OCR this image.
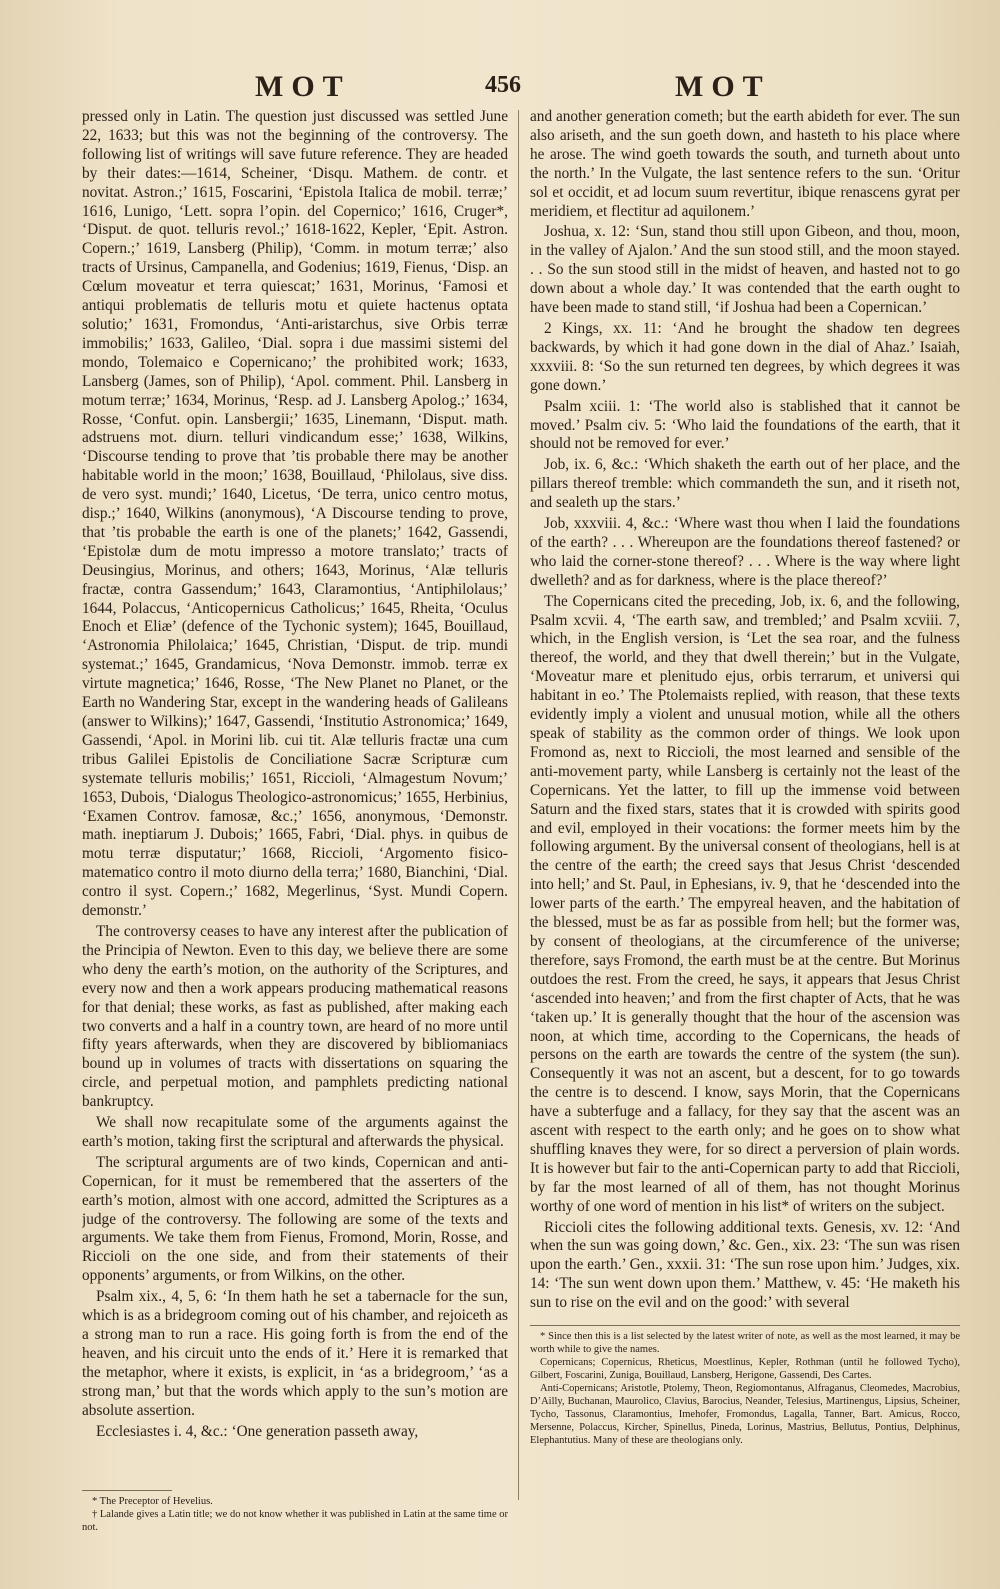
MOT	456	MOT

pressed only in Latin. The question just discussed was settled June 22, 1633; but this was not the beginning of the controversy. The following list of writings will save future reference. They are headed by their dates:—1614, Scheiner, ‘Disqu. Mathem. de contr. et novitat. Astron.;’ 1615, Foscarini, ‘Epistola Italica de mobil. terræ;’ 1616, Lunigo, ‘Lett. sopra l’opin. del Copernico;’ 1616, Cruger*, ‘Disput. de quot. telluris revol.;’ 1618-1622, Kepler, ‘Epit. Astron. Copern.;’ 1619, Lansberg (Philip), ‘Comm. in motum terræ;’ also tracts of Ursinus, Campanella, and Godenius; 1619, Fienus, ‘Disp. an Cœlum moveatur et terra quiescat;’ 1631, Morinus, ‘Famosi et antiqui problematis de telluris motu et quiete hactenus optata solutio;’ 1631, Fromondus, ‘Anti-aristarchus, sive Orbis terræ immobilis;’ 1633, Galileo, ‘Dial. sopra i due massimi sistemi del mondo, Tolemaico e Copernicano;’ the prohibited work; 1633, Lansberg (James, son of Philip), ‘Apol. comment. Phil. Lansberg in motum terræ;’ 1634, Morinus, ‘Resp. ad J. Lansberg Apolog.;’ 1634, Rosse, ‘Confut. opin. Lansbergii;’ 1635, Linemann, ‘Disput. math. adstruens mot. diurn. telluri vindicandum esse;’ 1638, Wilkins, ‘Discourse tending to prove that ’tis probable there may be another habitable world in the moon;’ 1638, Bouillaud, ‘Philolaus, sive diss. de vero syst. mundi;’ 1640, Licetus, ‘De terra, unico centro motus, disp.;’ 1640, Wilkins (anonymous), ‘A Discourse tending to prove, that ’tis probable the earth is one of the planets;’ 1642, Gassendi, ‘Epistolæ dum de motu impresso a motore translato;’ tracts of Deusingius, Morinus, and others; 1643, Morinus, ‘Alæ telluris fractæ, contra Gassendum;’ 1643, Claramontius, ‘Antiphilolaus;’ 1644, Polaccus, ‘Anticopernicus Catholicus;’ 1645, Rheita, ‘Oculus Enoch et Eliæ’ (defence of the Tychonic system); 1645, Bouillaud, ‘Astronomia Philolaica;’ 1645, Christian, ‘Disput. de trip. mundi systemat.;’ 1645, Grandamicus, ‘Nova Demonstr. immob. terræ ex virtute magnetica;’ 1646, Rosse, ‘The New Planet no Planet, or the Earth no Wandering Star, except in the wandering heads of Galileans (answer to Wilkins);’ 1647, Gassendi, ‘Institutio Astronomica;’ 1649, Gassendi, ‘Apol. in Morini lib. cui tit. Alæ telluris fractæ una cum tribus Galilei Epistolis de Conciliatione Sacræ Scripturæ cum systemate telluris mobilis;’ 1651, Riccioli, ‘Almagestum Novum;’ 1653, Dubois, ‘Dialogus Theologico-astronomicus;’ 1655, Herbinius, ‘Examen Controv. famosæ, &c.;’ 1656, anonymous, ‘Demonstr. math. ineptiarum J. Dubois;’ 1665, Fabri, ‘Dial. phys. in quibus de motu terræ disputatur;’ 1668, Riccioli, ‘Argomento fisico-matematico contro il moto diurno della terra;’ 1680, Bianchini, ‘Dial. contro il syst. Copern.;’ 1682, Megerlinus, ‘Syst. Mundi Copern. demonstr.’

The controversy ceases to have any interest after the publication of the Principia of Newton. Even to this day, we believe there are some who deny the earth’s motion, on the authority of the Scriptures, and every now and then a work appears producing mathematical reasons for that denial; these works, as fast as published, after making each two converts and a half in a country town, are heard of no more until fifty years afterwards, when they are discovered by bibliomaniacs bound up in volumes of tracts with dissertations on squaring the circle, and perpetual motion, and pamphlets predicting national bankruptcy.

We shall now recapitulate some of the arguments against the earth’s motion, taking first the scriptural and afterwards the physical.

The scriptural arguments are of two kinds, Copernican and anti-Copernican, for it must be remembered that the asserters of the earth’s motion, almost with one accord, admitted the Scriptures as a judge of the controversy. The following are some of the texts and arguments. We take them from Fienus, Fromond, Morin, Rosse, and Riccioli on the one side, and from their statements of their opponents’ arguments, or from Wilkins, on the other.

Psalm xix., 4, 5, 6: ‘In them hath he set a tabernacle for the sun, which is as a bridegroom coming out of his chamber, and rejoiceth as a strong man to run a race. His going forth is from the end of the heaven, and his circuit unto the ends of it.’ Here it is remarked that the metaphor, where it exists, is explicit, in ‘as a bridegroom,’ ‘as a strong man,’ but that the words which apply to the sun’s motion are absolute assertion.

Ecclesiastes i. 4, &c.: ‘One generation passeth away,

and another generation cometh; but the earth abideth for ever. The sun also ariseth, and the sun goeth down, and hasteth to his place where he arose. The wind goeth towards the south, and turneth about unto the north.’ In the Vulgate, the last sentence refers to the sun. ‘Oritur sol et occidit, et ad locum suum revertitur, ibique renascens gyrat per meridiem, et flectitur ad aquilonem.’

Joshua, x. 12: ‘Sun, stand thou still upon Gibeon, and thou, moon, in the valley of Ajalon.’ And the sun stood still, and the moon stayed. . . So the sun stood still in the midst of heaven, and hasted not to go down about a whole day.’ It was contended that the earth ought to have been made to stand still, ‘if Joshua had been a Copernican.’

2 Kings, xx. 11: ‘And he brought the shadow ten degrees backwards, by which it had gone down in the dial of Ahaz.’ Isaiah, xxxviii. 8: ‘So the sun returned ten degrees, by which degrees it was gone down.’

Psalm xciii. 1: ‘The world also is stablished that it cannot be moved.’ Psalm civ. 5: ‘Who laid the foundations of the earth, that it should not be removed for ever.’

Job, ix. 6, &c.: ‘Which shaketh the earth out of her place, and the pillars thereof tremble: which commandeth the sun, and it riseth not, and sealeth up the stars.’

Job, xxxviii. 4, &c.: ‘Where wast thou when I laid the foundations of the earth? . . . Whereupon are the foundations thereof fastened? or who laid the corner-stone thereof? . . . Where is the way where light dwelleth? and as for darkness, where is the place thereof?’

The Copernicans cited the preceding, Job, ix. 6, and the following, Psalm xcvii. 4, ‘The earth saw, and trembled;’ and Psalm xcviii. 7, which, in the English version, is ‘Let the sea roar, and the fulness thereof, the world, and they that dwell therein;’ but in the Vulgate, ‘Moveatur mare et plenitudo ejus, orbis terrarum, et universi qui habitant in eo.’ The Ptolemaists replied, with reason, that these texts evidently imply a violent and unusual motion, while all the others speak of stability as the common order of things. We look upon Fromond as, next to Riccioli, the most learned and sensible of the anti-movement party, while Lansberg is certainly not the least of the Copernicans. Yet the latter, to fill up the immense void between Saturn and the fixed stars, states that it is crowded with spirits good and evil, employed in their vocations: the former meets him by the following argument. By the universal consent of theologians, hell is at the centre of the earth; the creed says that Jesus Christ ‘descended into hell;’ and St. Paul, in Ephesians, iv. 9, that he ‘descended into the lower parts of the earth.’ The empyreal heaven, and the habitation of the blessed, must be as far as possible from hell; but the former was, by consent of theologians, at the circumference of the universe; therefore, says Fromond, the earth must be at the centre. But Morinus outdoes the rest. From the creed, he says, it appears that Jesus Christ ‘ascended into heaven;’ and from the first chapter of Acts, that he was ‘taken up.’ It is generally thought that the hour of the ascension was noon, at which time, according to the Copernicans, the heads of persons on the earth are towards the centre of the system (the sun). Consequently it was not an ascent, but a descent, for to go towards the centre is to descend. I know, says Morin, that the Copernicans have a subterfuge and a fallacy, for they say that the ascent was an ascent with respect to the earth only; and he goes on to show what shuffling knaves they were, for so direct a perversion of plain words. It is however but fair to the anti-Copernican party to add that Riccioli, by far the most learned of all of them, has not thought Morinus worthy of one word of mention in his list* of writers on the subject.

Riccioli cites the following additional texts. Genesis, xv. 12: ‘And when the sun was going down,’ &c. Gen., xix. 23: ‘The sun was risen upon the earth.’ Gen., xxxii. 31: ‘The sun rose upon him.’ Judges, xix. 14: ‘The sun went down upon them.’ Matthew, v. 45: ‘He maketh his sun to rise on the evil and on the good:’ with several

* The Preceptor of Hevelius.

† Lalande gives a Latin title; we do not know whether it was published in Latin at the same time or not.

* Since then this is a list selected by the latest writer of note, as well as the most learned, it may be worth while to give the names.

Copernicans; Copernicus, Rheticus, Moestlinus, Kepler, Rothman (until he followed Tycho), Gilbert, Foscarini, Zuniga, Bouillaud, Lansberg, Herigone, Gassendi, Des Cartes.

Anti-Copernicans; Aristotle, Ptolemy, Theon, Regiomontanus, Alfraganus, Cleomedes, Macrobius, D’Ailly, Buchanan, Maurolico, Clavius, Barocius, Neander, Telesius, Martinengus, Lipsius, Scheiner, Tycho, Tassonus, Claramontius, Imehofer, Fromondus, Lagalla, Tanner, Bart. Amicus, Rocco, Mersenne, Polaccus, Kircher, Spinellus, Pineda, Lorinus, Mastrius, Bellutus, Pontius, Delphinus, Elephantutius. Many of these are theologians only.
